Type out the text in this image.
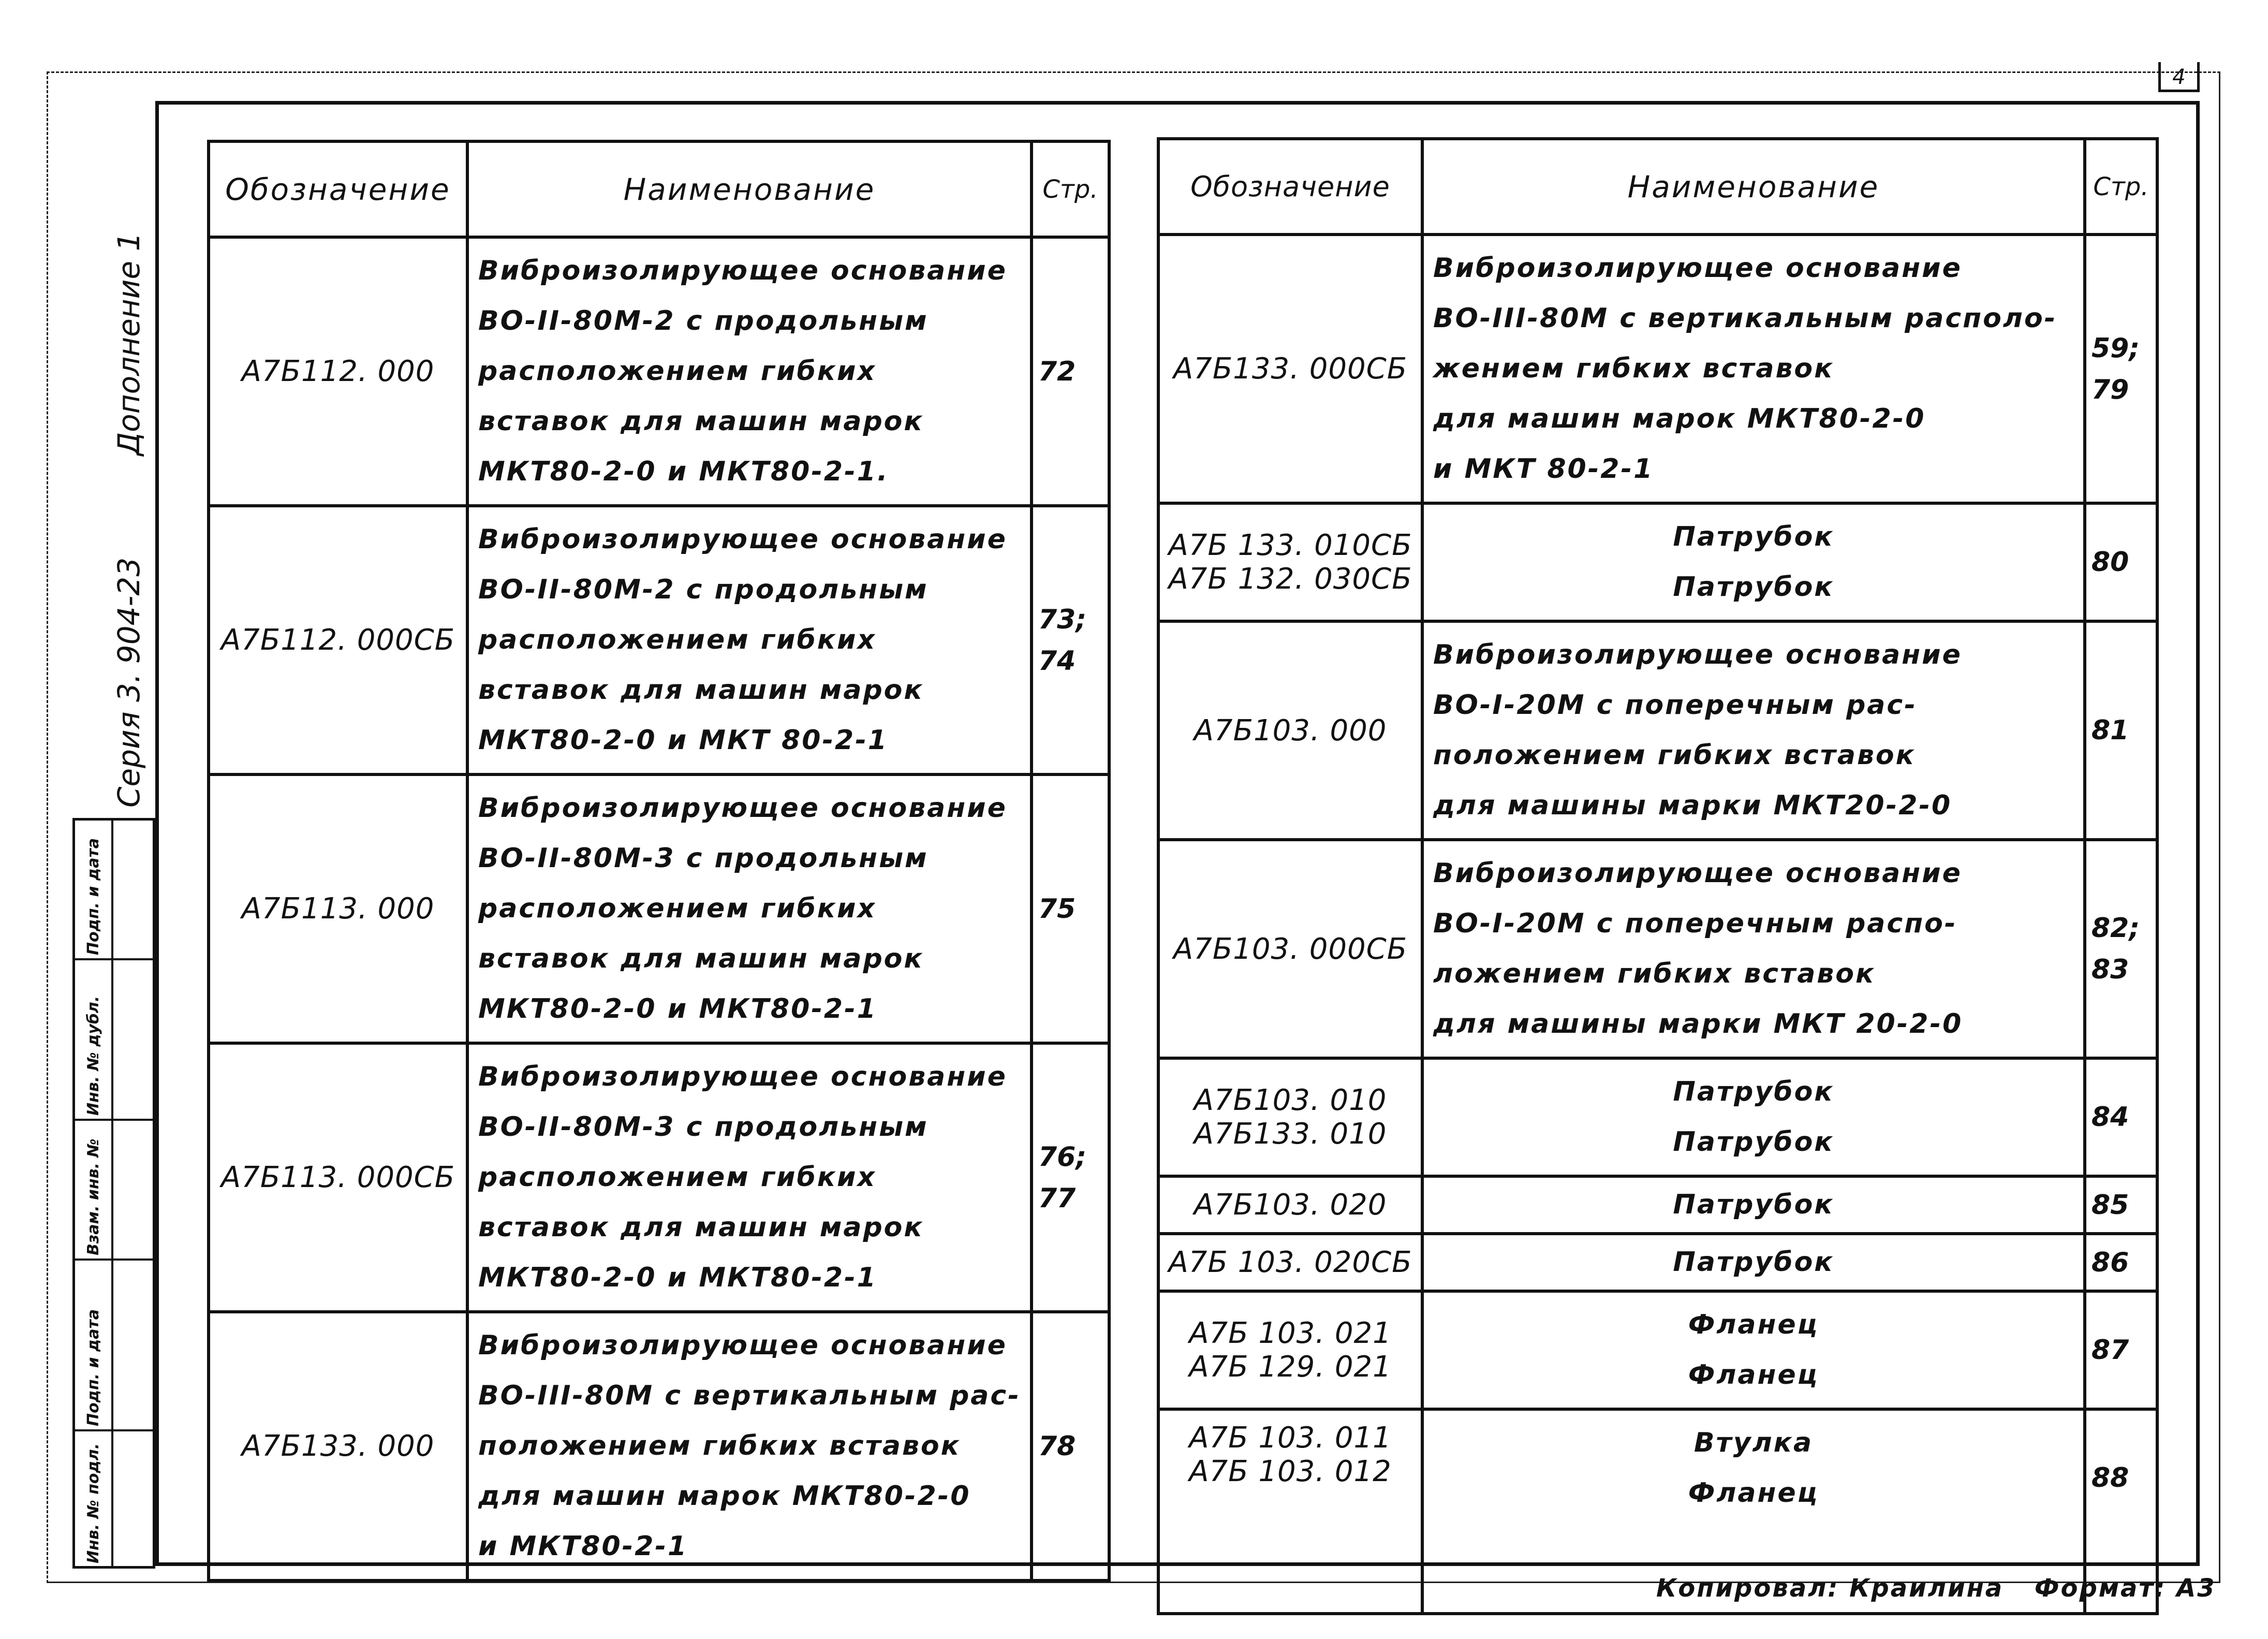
4
Серия 3. 904-23
Дополнение 1
Подп. и дата
Инв. № дубл.
Взам. инв. №
Подп. и дата
Инв. № подл.
Обозначение	Наименование	Стр.
А7Б112. 000	Виброизолирующее основание
ВО-II-80М-2 с продольным
расположением гибких
вставок для машин марок
МКТ80-2-0 и МКТ80-2-1.	72

А7Б112. 000СБ	Виброизолирующее основание
ВО-II-80М-2 с продольным
расположением гибких
вставок для машин марок
МКТ80-2-0 и МКТ 80-2-1	73;
74

А7Б113. 000	Виброизолирующее основание
ВО-II-80М-3 с продольным
расположением гибких
вставок для машин марок
МКТ80-2-0 и МКТ80-2-1	75

А7Б113. 000СБ	Виброизолирующее основание
ВО-II-80М-3 с продольным
расположением гибких
вставок для машин марок
МКТ80-2-0 и МКТ80-2-1	76;
77

А7Б133. 000	Виброизолирующее основание
ВО-III-80М с вертикальным рас-
положением гибких вставок
для машин марок МКТ80-2-0
и МКТ80-2-1	78
Обозначение	Наименование	Стр.

А7Б133. 000СБ	Виброизолирующее основание
ВО-III-80М с вертикальным располо-
жением гибких вставок
для машин марок МКТ80-2-0
и МКТ 80-2-1	59;
79

А7Б 133. 010СБ
А7Б 132. 030СБ	Патрубок
Патрубок	80

А7Б103. 000	Виброизолирующее основание
ВО-I-20М с поперечным рас-
положением гибких вставок
для машины марки МКТ20-2-0	81

А7Б103. 000СБ	Виброизолирующее основание
ВО-I-20М с поперечным распо-
ложением гибких вставок
для машины марки МКТ 20-2-0	82;
83

А7Б103. 010
А7Б133. 010	Патрубок
Патрубок	84

А7Б103. 020	Патрубок	85

А7Б 103. 020СБ	Патрубок	86

А7Б 103. 021
А7Б 129. 021	Фланец
Фланец	87

А7Б 103. 011
А7Б 103. 012	Втулка
Фланец	88
Копировал: Краилина Формат: А3
